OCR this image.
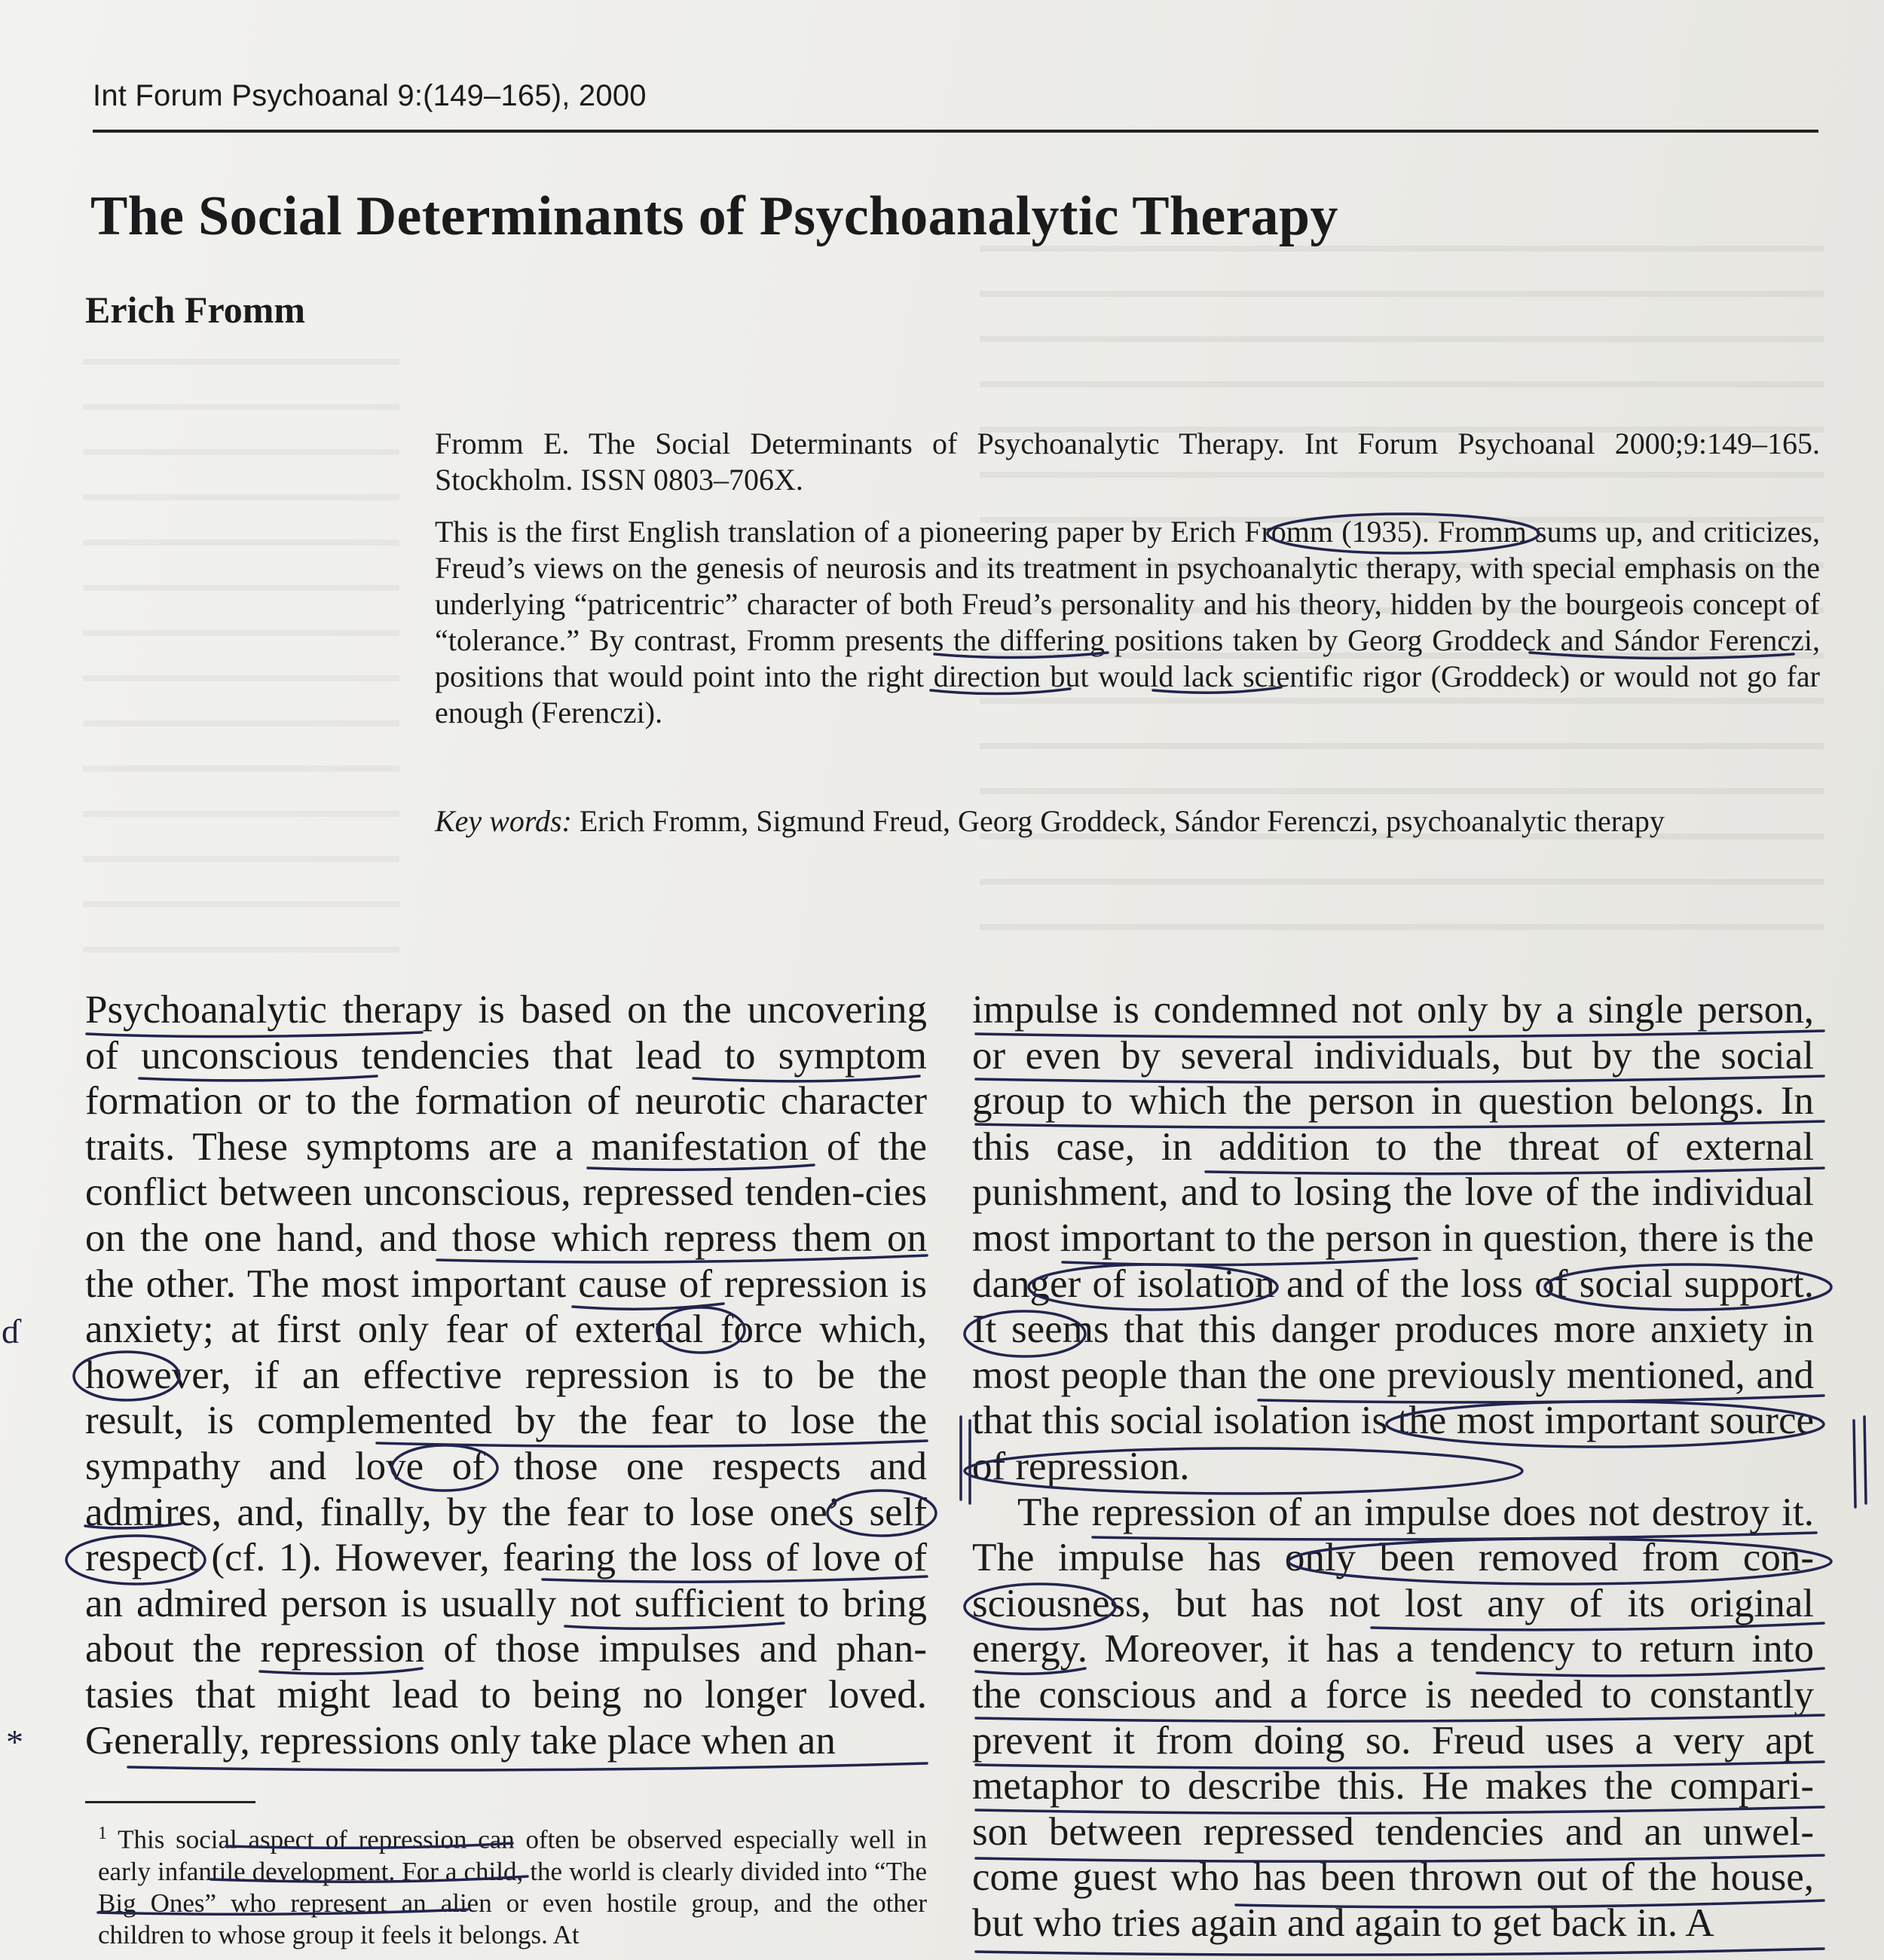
Int Forum Psychoanal 9:(149–165), 2000
The Social Determinants of Psychoanalytic Therapy
Erich Fromm

Fromm E. The Social Determinants of Psychoanalytic Therapy. Int Forum Psychoanal 2000;9:149–165. Stockholm. ISSN 0803–706X.

This is the first English translation of a pioneering paper by Erich Fromm (1935). Fromm sums up, and criticizes, Freud’s views on the genesis of neurosis and its treatment in psychoanalytic therapy, with special emphasis on the underlying “patricentric” character of both Freud’s personality and his theory, hidden by the bourgeois concept of “tolerance.” By contrast, Fromm presents the differing positions taken by Georg Groddeck and Sándor Ferenczi, positions that would point into the right direction but would lack scientific rigor (Groddeck) or would not go far enough (Ferenczi).

Key words: Erich Fromm, Sigmund Freud, Georg Groddeck, Sándor Ferenczi, psychoanalytic therapy

Psychoanalytic therapy is based on the uncovering of unconscious tendencies that lead to symptom formation or to the formation of neurotic character traits. These symptoms are a manifestation of the conflict between unconscious, repressed tenden-cies on the one hand, and those which repress them on the other. The most important cause of repression is anxiety; at first only fear of external force which, however, if an effective repression is to be the result, is complemented by the fear to lose the sympathy and love of those one respects and admires, and, finally, by the fear to lose one’s self respect (cf. 1). However, fearing the loss of love of an admired person is usually not sufficient to bring about the repression of those impulses and phan-tasies that might lead to being no longer loved. Generally, repressions only take place when an

impulse is condemned not only by a single person, or even by several individuals, but by the social group to which the person in question belongs. In this case, in addition to the threat of external punishment, and to losing the love of the individual most important to the person in question, there is the danger of isolation and of the loss of social support. It seems that this danger produces more anxiety in most people than the one previously mentioned, and that this social isolation is the most important source of repression.

The repression of an impulse does not destroy it. The impulse has only been removed from con-sciousness, but has not lost any of its original energy. Moreover, it has a tendency to return into the conscious and a force is needed to constantly prevent it from doing so. Freud uses a very apt metaphor to describe this. He makes the compari-son between repressed tendencies and an unwel-come guest who has been thrown out of the house, but who tries again and again to get back in. A

$^1$ This social aspect of repression can often be observed especially well in early infantile development. For a child, the world is clearly divided into “The Big Ones” who represent an alien or even hostile group, and the other children to whose group it feels it belongs. At

*
ɗ
